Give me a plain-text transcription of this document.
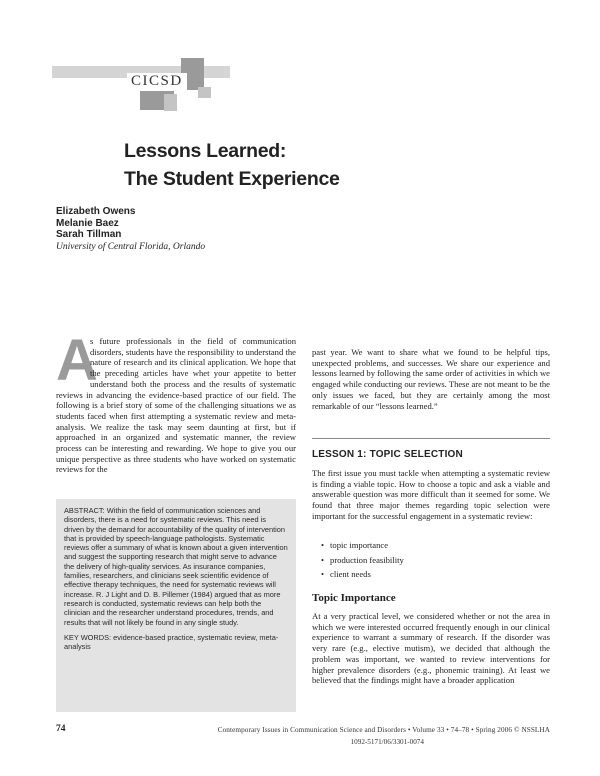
CICSD
Lessons Learned:
The Student Experience
Elizabeth Owens
Melanie Baez
Sarah Tillman
University of Central Florida, Orlando
A
s future professionals in the field of communication disorders, students have the responsibility to understand the nature of research and its clinical application. We hope that the preceding articles have whet your appetite to better understand both the process and the results of systematic reviews in advancing the evidence-based practice of our field. The following is a brief story of some of the challenging situations we as students faced when first attempting a systematic review and meta-analysis. We realize the task may seem daunting at first, but if approached in an organized and systematic manner, the review process can be interesting and rewarding. We hope to give you our unique perspective as three students who have worked on systematic reviews for the

ABSTRACT: Within the field of communication sciences and disorders, there is a need for systematic reviews. This need is driven by the demand for accountability of the quality of intervention that is provided by speech-language pathologists. Systematic reviews offer a summary of what is known about a given intervention and suggest the supporting research that might serve to advance the delivery of high-quality services. As insurance companies, families, researchers, and clinicians seek scientific evidence of effective therapy techniques, the need for systematic reviews will increase. R. J Light and D. B. Pillemer (1984) argued that as more research is conducted, systematic reviews can help both the clinician and the researcher understand procedures, trends, and results that will not likely be found in any single study.

KEY WORDS: evidence-based practice, systematic review, meta-analysis

past year. We want to share what we found to be helpful tips, unexpected problems, and successes. We share our experience and lessons learned by following the same order of activities in which we engaged while conducting our reviews. These are not meant to be the only issues we faced, but they are certainly among the most remarkable of our “lessons learned.”
LESSON 1: TOPIC SELECTION
The first issue you must tackle when attempting a systematic review is finding a viable topic. How to choose a topic and ask a viable and answerable question was more difficult than it seemed for some. We found that three major themes regarding topic selection were important for the successful engagement in a systematic review:
• topic importance
• production feasibility
• client needs
Topic Importance
At a very practical level, we considered whether or not the area in which we were interested occurred frequently enough in our clinical experience to warrant a summary of research. If the disorder was very rare (e.g., elective mutism), we decided that although the problem was important, we wanted to review interventions for higher prevalence disorders (e.g., phonemic training). At least we believed that the findings might have a broader application
74	Contemporary Issues in Communication Science and Disorders • Volume 33 • 74–78 • Spring 2006 © NSSLHA
1092-5171/06/3301-0074
